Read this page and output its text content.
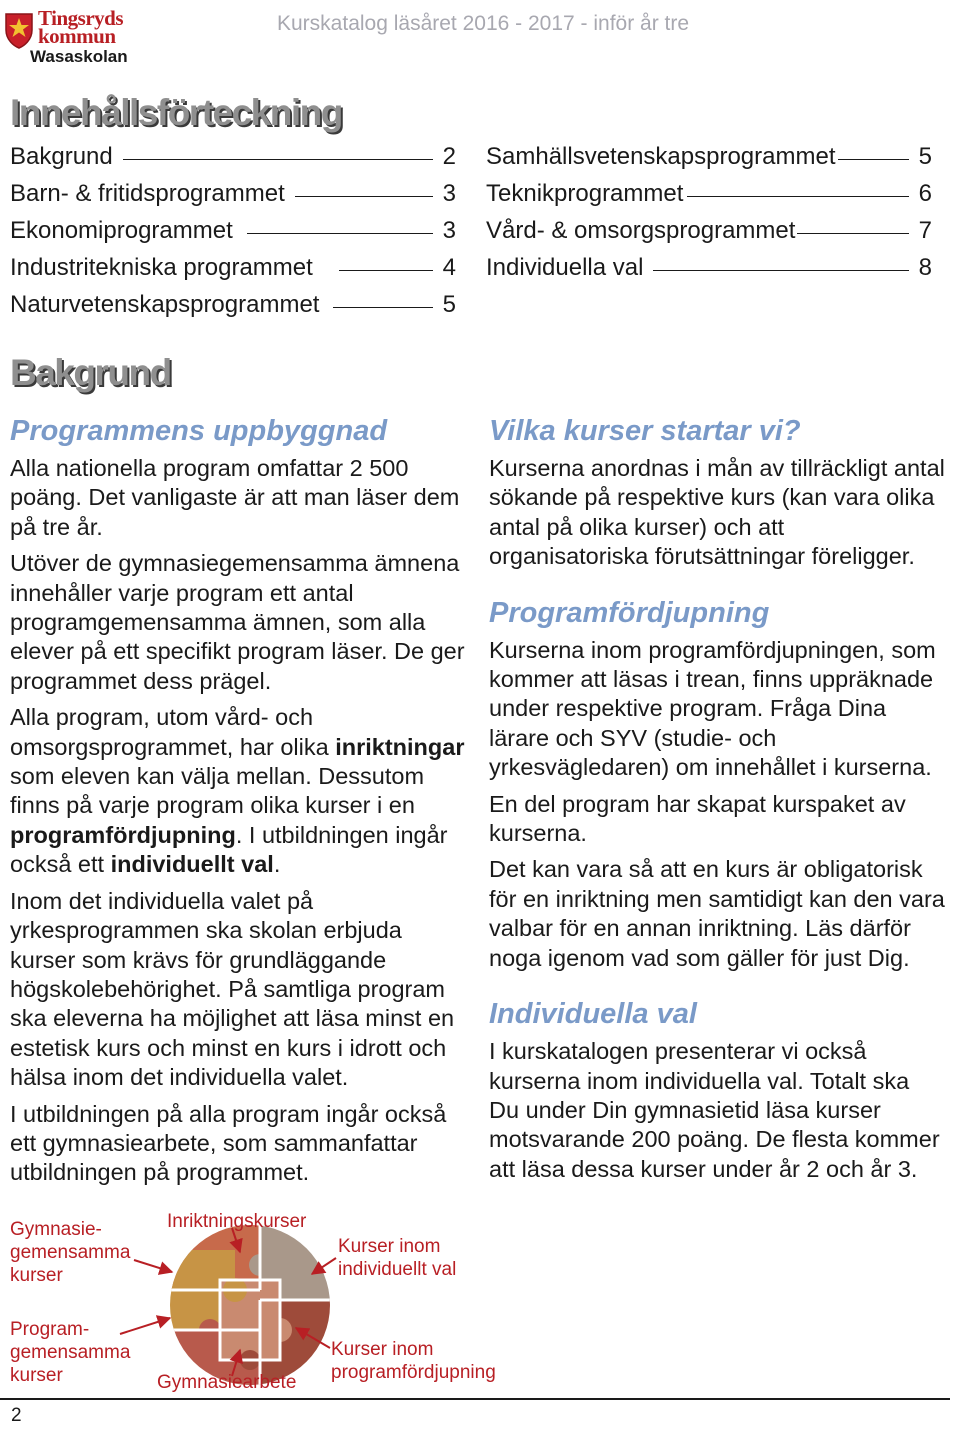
Tingsryds
kommun
Wasaskolan
Kurskatalog läsåret 2016 - 2017 - inför år tre
Innehållsförteckning
Bakgrund	2
Barn- & fritidsprogrammet	3
Ekonomiprogrammet	3
Industritekniska programmet	4
Naturvetenskapsprogrammet	5
Samhällsvetenskapsprogrammet	5
Teknikprogrammet	6
Vård- & omsorgsprogrammet	7
Individuella val	8
Bakgrund
Programmens uppbyggnad

Alla nationella program omfattar 2 500 poäng. Det vanligaste är att man läser dem på tre år.

Utöver de gymnasiegemensamma ämnena innehåller varje program ett antal programgemensamma ämnen, som alla elever på ett specifikt program läser. De ger programmet dess prägel.

Alla program, utom vård- och omsorgsprogrammet, har olika inriktningar som eleven kan välja mellan. Dessutom finns på varje program olika kurser i en programfördjupning. I utbildningen ingår också ett individuellt val.

Inom det individuella valet på yrkesprogrammen ska skolan erbjuda kurser som krävs för grundläggande högskolebehörighet. På samtliga program ska eleverna ha möjlighet att läsa minst en estetisk kurs och minst en kurs i idrott och hälsa inom det individuella valet.

I utbildningen på alla program ingår också ett gymnasiearbete, som sammanfattar utbildningen på programmet.

Vilka kurser startar vi?

Kurserna anordnas i mån av tillräckligt antal sökande på respektive kurs (kan vara olika antal på olika kurser) och att organisatoriska förutsättningar föreligger.

Programfördjupning

Kurserna inom programfördjupningen, som kommer att läsas i trean, finns uppräknade under respektive program. Fråga Dina lärare och SYV (studie- och yrkesvägledaren) om innehållet i kurserna.

En del program har skapat kurspaket av kurserna.

Det kan vara så att en kurs är obligatorisk för en inriktning men samtidigt kan den vara valbar för en annan inriktning. Läs därför noga igenom vad som gäller för just Dig.

Individuella val

I kurskatalogen presenterar vi också kurserna inom individuella val. Totalt ska Du under Din gymnasietid läsa kurser motsvarande 200 poäng. De flesta kommer att läsa dessa kurser under år 2 och år 3.

Gymnasie-
gemensamma
kurser
Inriktningskurser
Kurser inom
individuellt val
Program-
gemensamma
kurser	Gymnasiearbete
Kurser inom
programfördjupning
2
